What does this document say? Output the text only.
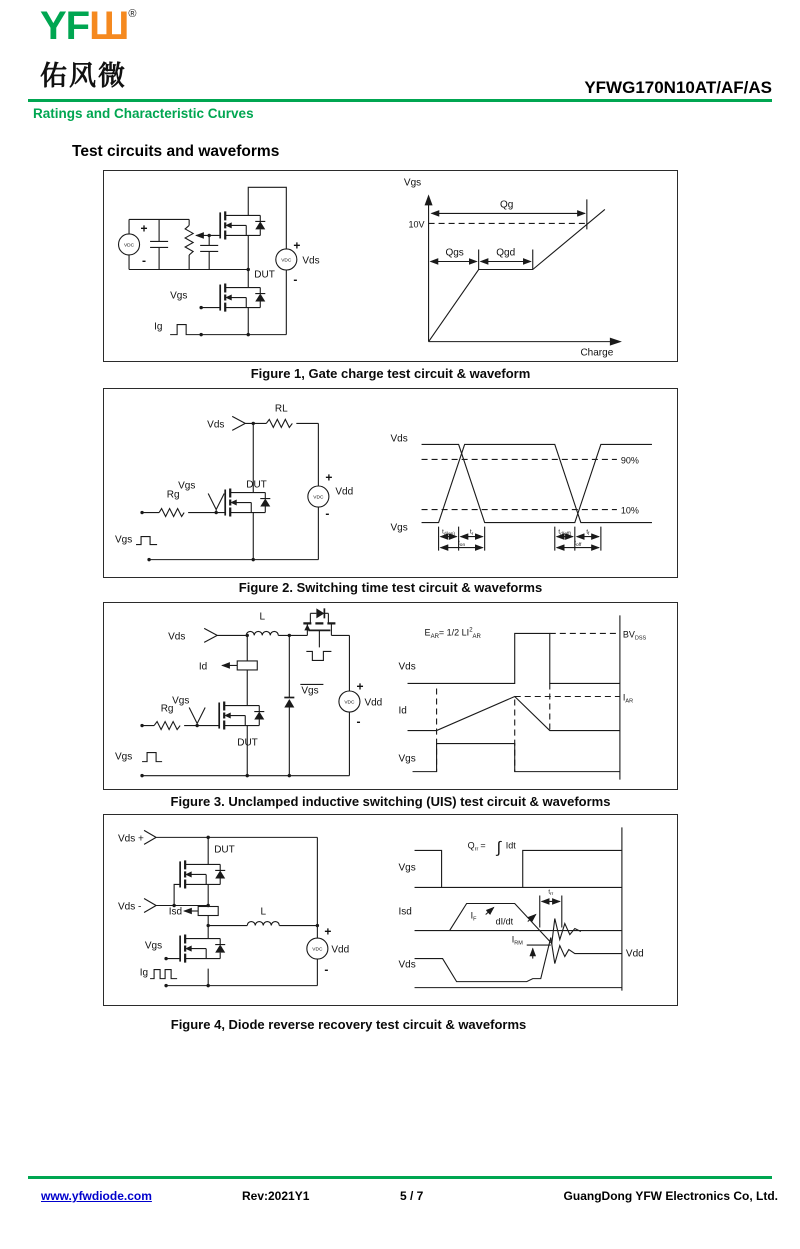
YFШ®
佑风微	YFWG170N10AT/AF/AS
Ratings and Characteristic Curves
Test circuits and waveforms
VDC
+
-	VDC
+
Vds
-
Vgs
Ig
DUT
Vgs
Qg
10V
Qgs	Qgd
Charge
Figure 1, Gate charge test circuit & waveform
VDC
+
Vdd
-
RL
Vds
Vgs
Rg
DUT
Vgs
Vds
Vgs
90%
10%
$t_{d(on)}$ $t_r$
$t_{on}$
$t_{d(off)}$	$t_f$
$t_{off}$
Figure 2. Switching time test circuit & waveforms
VDC
+
Vdd
-
Vds
L
Id
Vgs
Vgs
Rg
DUT
Vgs
$E_{AR}= 1/2$ $LI^2_{AR}$	$BV_{DSS}$
$I_{AR}$
Vds
Id
Vgs
Figure 3. Unclamped inductive switching (UIS) test circuit & waveforms
VDC
+
Vdd
-
Vds +
DUT
Vds -	Isd	L
Vgs
Ig
$Q_{rr}$ = ∫ Idt
Vgs
Isd
Vds
$I_F$ dI/dt
$t_{rr}$
$I_{RM}$
Vdd
Figure 4, Diode reverse recovery test circuit & waveforms
www.yfwdiode.com	Rev:2021Y1	5 / 7	GuangDong YFW Electronics Co, Ltd.
